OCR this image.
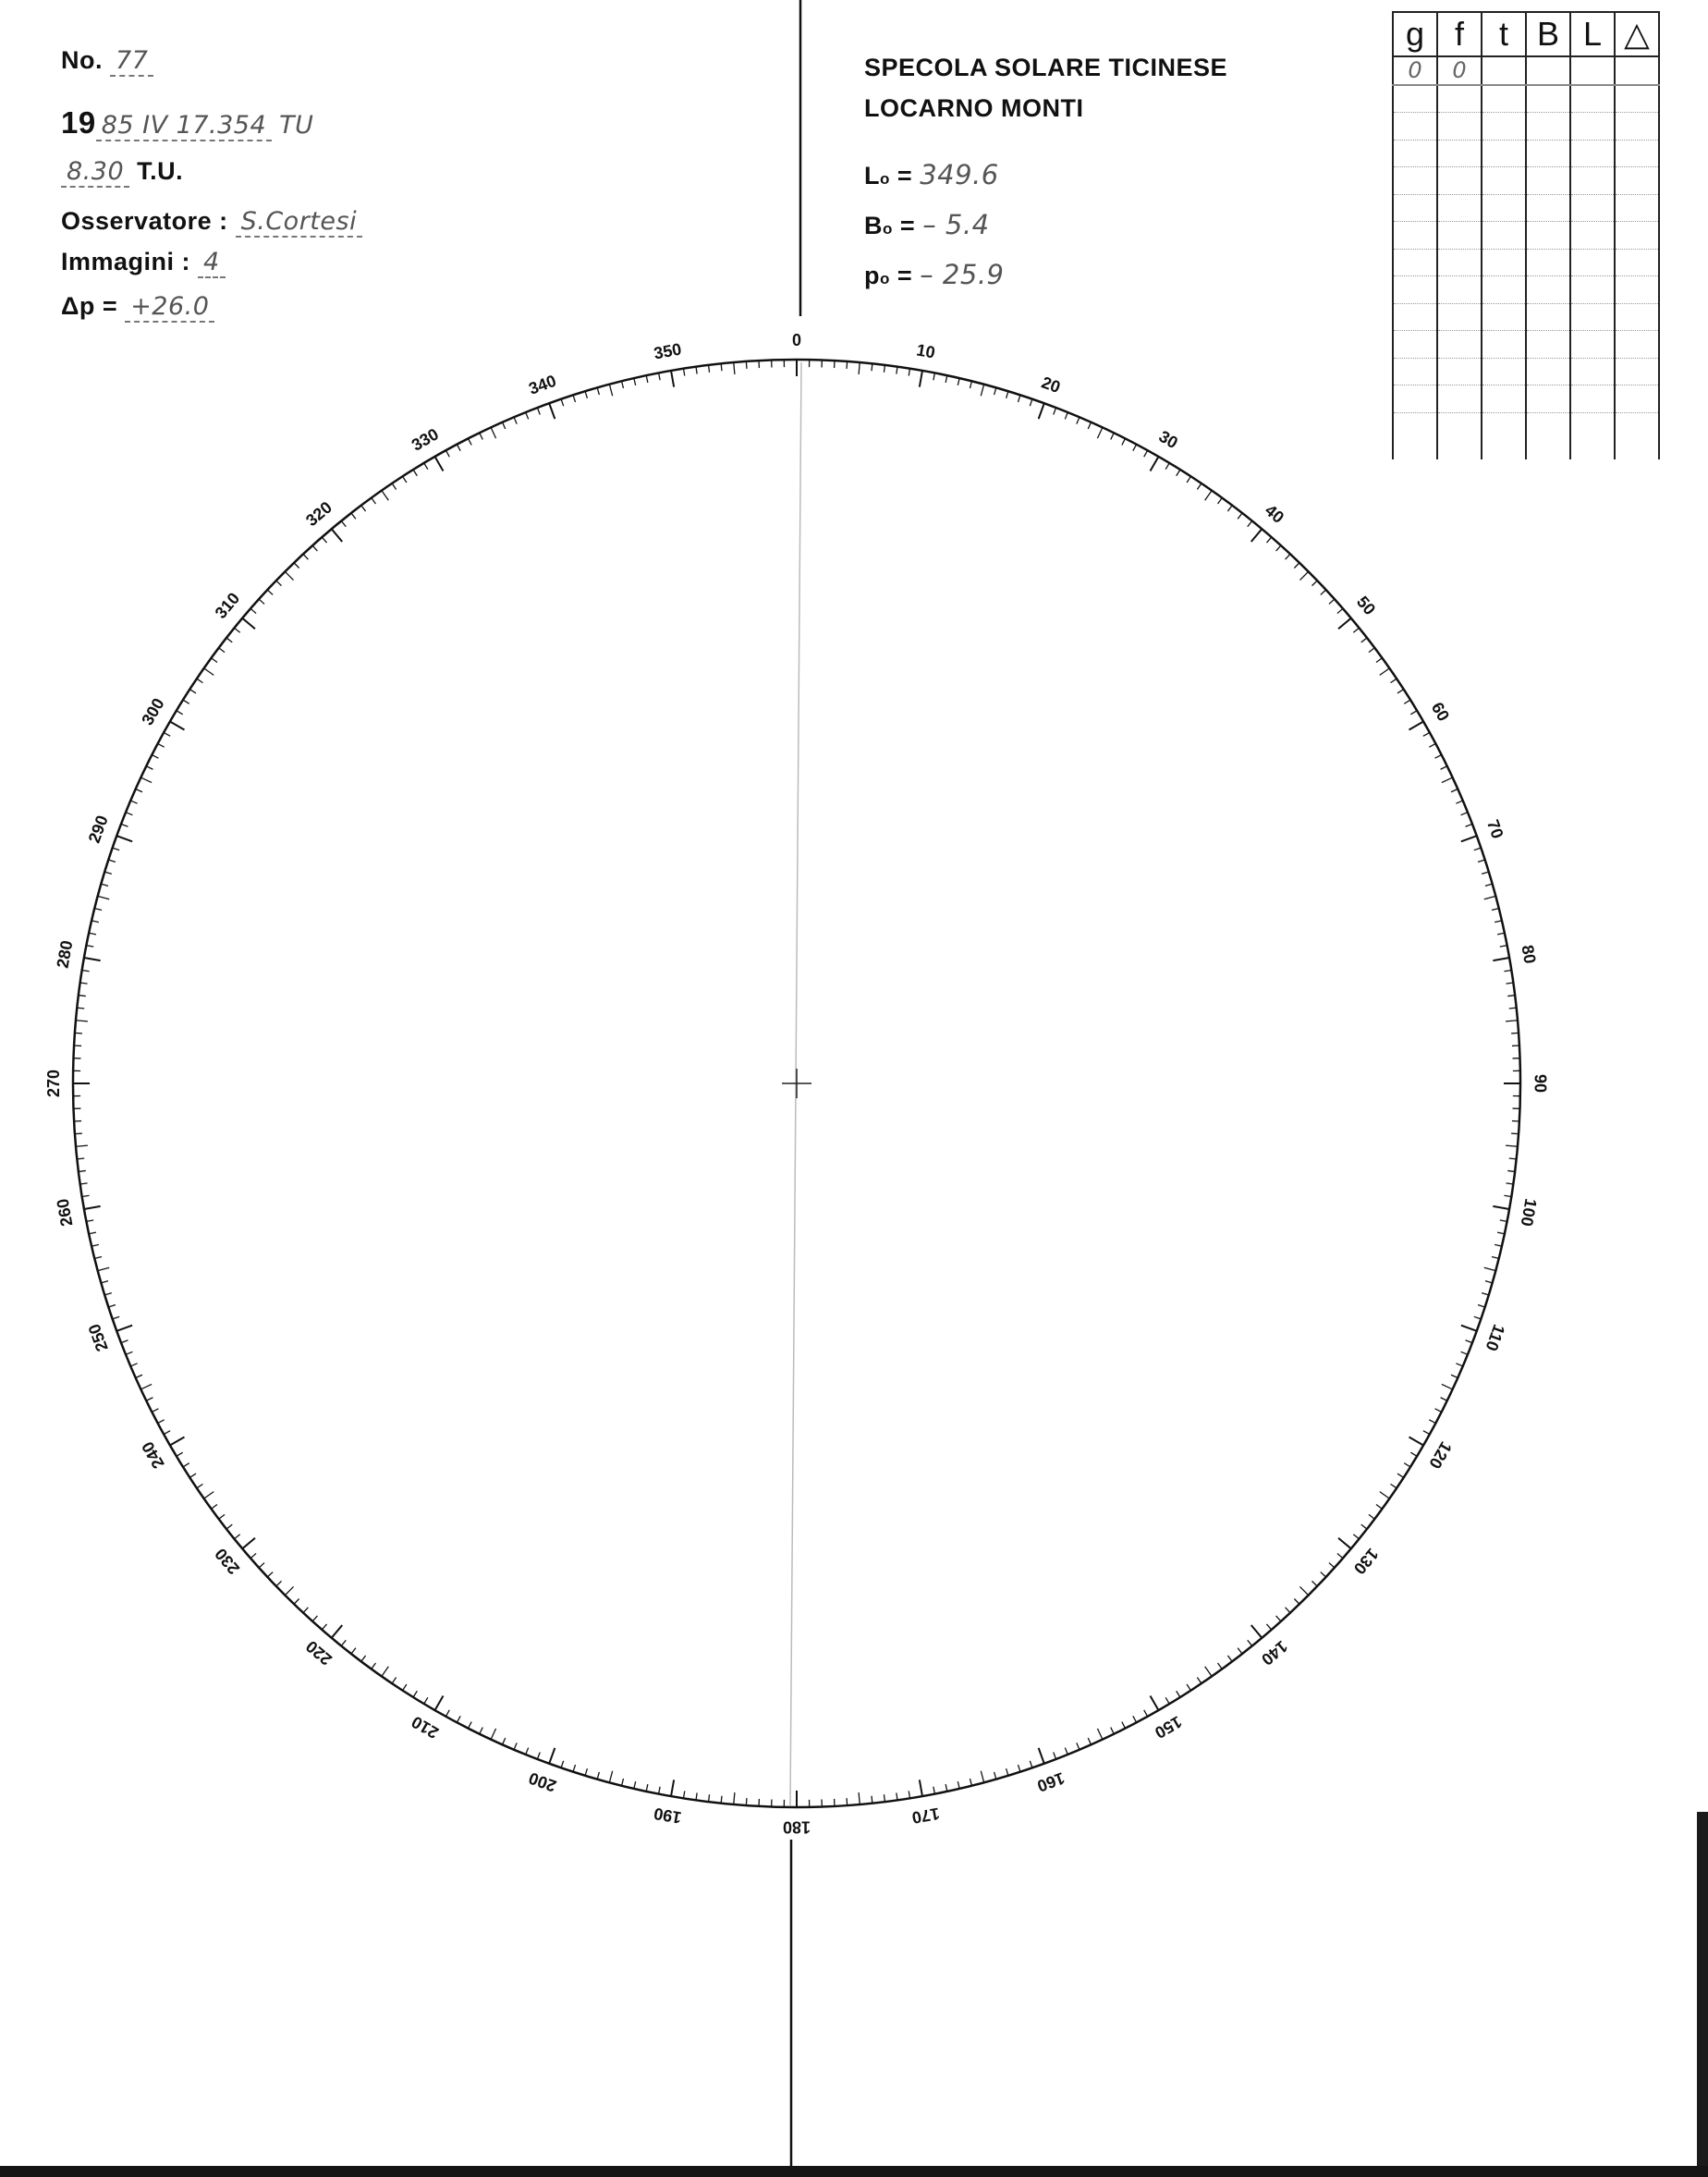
0
10
20
30
40
50
60
70
80
90
100
110
120
130
140
150
160
170
180
190
200
210
220
230
240
250
260
270
280
290
300
310
320
330
340
350
No. 77
19 85 IV 17.354 TU
8.30 T.U.
Osservatore : S.Cortesi
Immagini : 4
Δp = +26.0
SPECOLA SOLARE TICINESE
LOCARNO MONTI
Lo = 349.6
Bo = – 5.4
po = – 25.9
g	f	t	B	L	△
0	0				
